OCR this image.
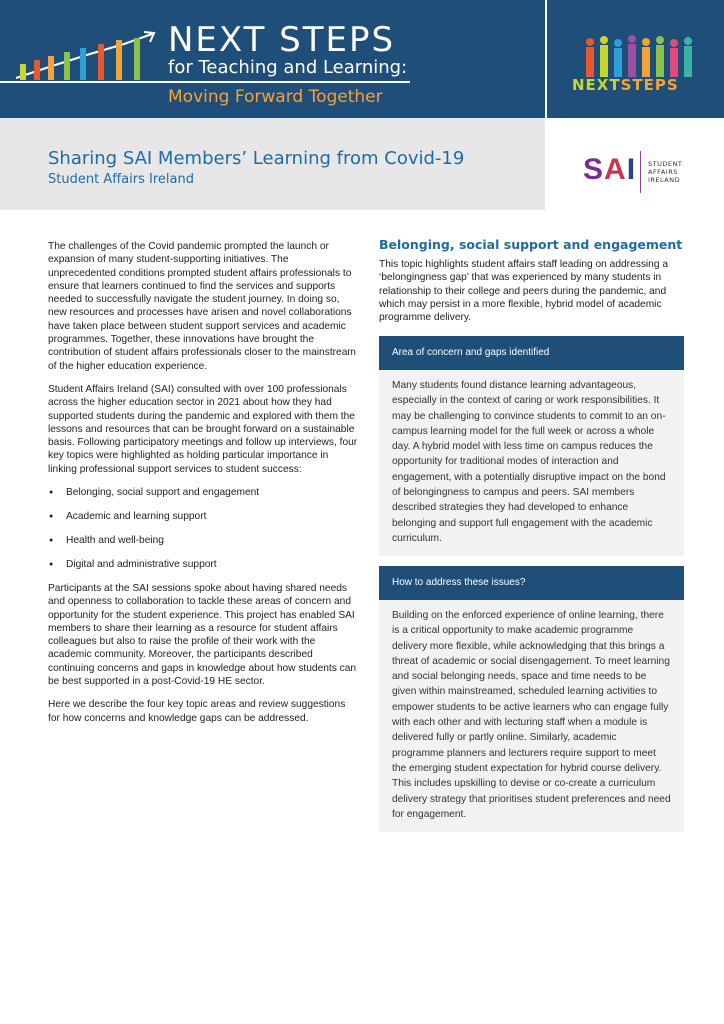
NEXT STEPS
for Teaching and Learning:
Moving Forward Together
NEXTSTEPS
Sharing SAI Members’ Learning from Covid-19
Student Affairs Ireland	SAI STUDENT
AFFAIRS
IRELAND

The challenges of the Covid pandemic prompted the launch or expansion of many student-supporting initiatives. The unprecedented conditions prompted student affairs professionals to ensure that learners continued to find the services and supports needed to successfully navigate the student journey. In doing so, new resources and processes have arisen and novel collaborations have taken place between student support services and academic programmes. Together, these innovations have brought the contribution of student affairs professionals closer to the mainstream of the higher education experience.

Student Affairs Ireland (SAI) consulted with over 100 professionals across the higher education sector in 2021 about how they had supported students during the pandemic and explored with them the lessons and resources that can be brought forward on a sustainable basis. Following participatory meetings and follow up interviews, four key topics were highlighted as holding particular importance in linking professional support services to student success:

● Belonging, social support and engagement
● Academic and learning support
● Health and well-being
● Digital and administrative support

Participants at the SAI sessions spoke about having shared needs and openness to collaboration to tackle these areas of concern and opportunity for the student experience. This project has enabled SAI members to share their learning as a resource for student affairs colleagues but also to raise the profile of their work with the academic community. Moreover, the participants described continuing concerns and gaps in knowledge about how students can be best supported in a post-Covid-19 HE sector.

Here we describe the four key topic areas and review suggestions for how concerns and knowledge gaps can be addressed.

Belonging, social support and engagement
This topic highlights student affairs staff leading on addressing a ‘belongingness gap’ that was experienced by many students in relationship to their college and peers during the pandemic, and which may persist in a more flexible, hybrid model of academic programme delivery.
Area of concern and gaps identified

Many students found distance learning advantageous, especially in the context of caring or work responsibilities. It may be challenging to convince students to commit to an on-campus learning model for the full week or across a whole day. A hybrid model with less time on campus reduces the opportunity for traditional modes of interaction and engagement, with a potentially disruptive impact on the bond of belongingness to campus and peers. SAI members described strategies they had developed to enhance belonging and support full engagement with the academic curriculum.

How to address these issues?

Building on the enforced experience of online learning, there is a critical opportunity to make academic programme delivery more flexible, while acknowledging that this brings a threat of academic or social disengagement. To meet learning and social belonging needs, space and time needs to be given within mainstreamed, scheduled learning activities to empower students to be active learners who can engage fully with each other and with lecturing staff when a module is delivered fully or partly online. Similarly, academic programme planners and lecturers require support to meet the emerging student expectation for hybrid course delivery. This includes upskilling to devise or co-create a curriculum delivery strategy that prioritises student preferences and need for engagement.
